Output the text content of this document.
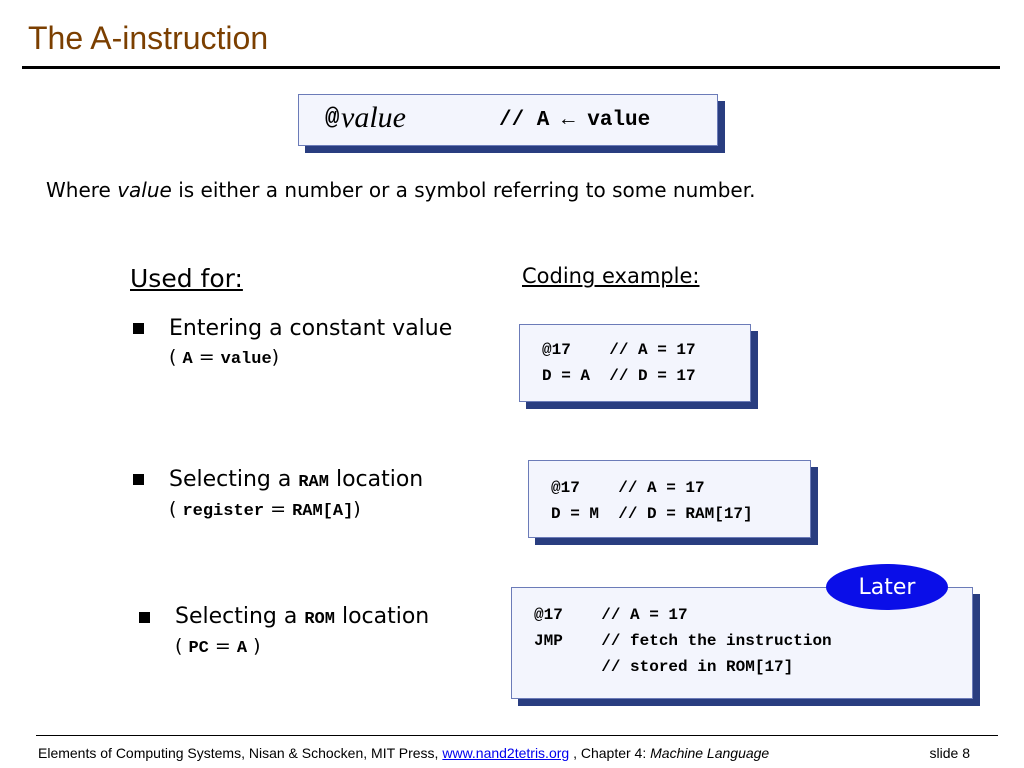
The A-instruction
@ value	// A ← value
Where value is either a number or a symbol referring to some number.
Used for:	Coding example:
Entering a constant value
( A = value)	@17    // A = 17
D = A  // D = 17
Selecting a RAM location
( register = RAM[A])
@17    // A = 17
D = M  // D = RAM[17]
Selecting a ROM location
( PC = A )
@17    // A = 17
JMP    // fetch the instruction
// stored in ROM[17]
Later
Elements of Computing Systems, Nisan & Schocken, MIT Press, www.nand2tetris.org , Chapter 4: Machine Language	slide 8
